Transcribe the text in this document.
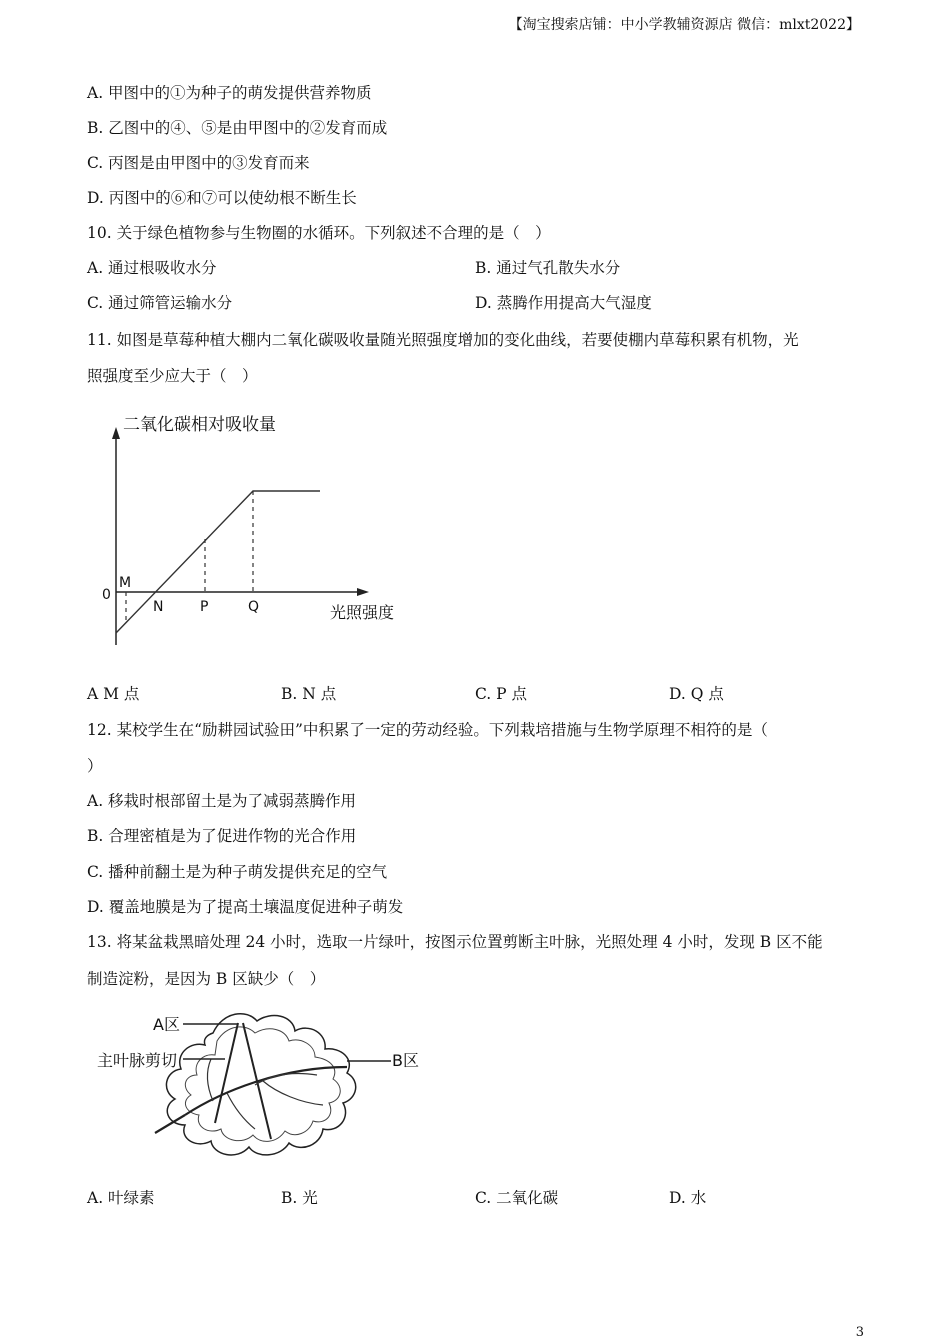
【淘宝搜索店铺：中小学教辅资源店 微信：mlxt2022】
A. 甲图中的①为种子的萌发提供营养物质
B. 乙图中的④、⑤是由甲图中的②发育而成
C. 丙图是由甲图中的③发育而来
D. 丙图中的⑥和⑦可以使幼根不断生长
10. 关于绿色植物参与生物圈的水循环。下列叙述不合理的是（　）
A. 通过根吸收水分	B. 通过气孔散失水分
C. 通过筛管运输水分	D. 蒸腾作用提高大气湿度
11. 如图是草莓种植大棚内二氧化碳吸收量随光照强度增加的变化曲线，若要使棚内草莓积累有机物，光
照强度至少应大于（　）
二氧化碳相对吸收量
光照强度
0
M
N	P	Q
A M 点	B. N 点	C. P 点	D. Q 点
12. 某校学生在“励耕园试验田”中积累了一定的劳动经验。下列栽培措施与生物学原理不相符的是（
）
A. 移栽时根部留土是为了减弱蒸腾作用
B. 合理密植是为了促进作物的光合作用
C. 播种前翻土是为种子萌发提供充足的空气
D. 覆盖地膜是为了提高土壤温度促进种子萌发
13. 将某盆栽黑暗处理 24 小时，选取一片绿叶，按图示位置剪断主叶脉，光照处理 4 小时，发现 B 区不能
制造淀粉，是因为 B 区缺少（　）
A区
主叶脉剪切	B区
A. 叶绿素	B. 光	C. 二氧化碳	D. 水
3
